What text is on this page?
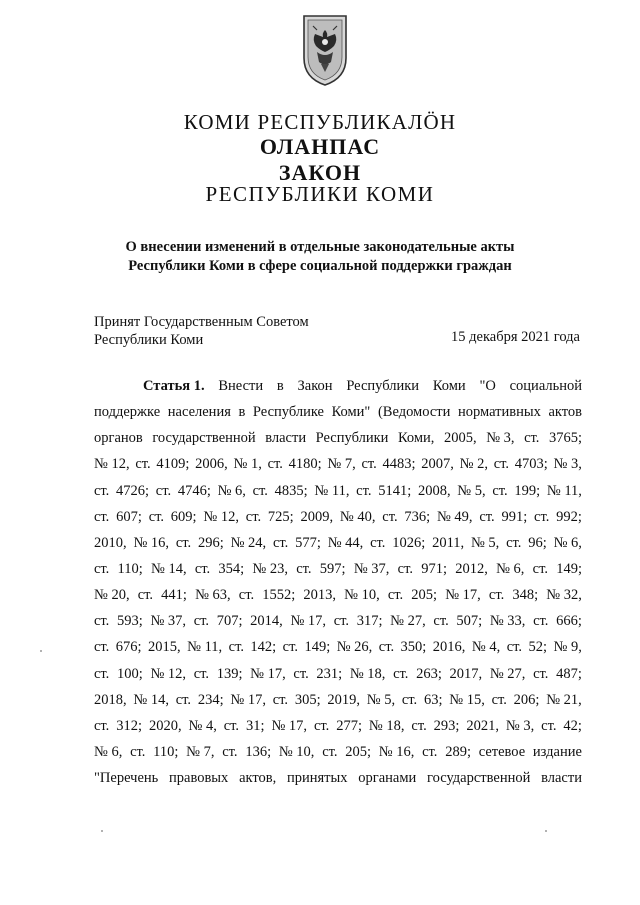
КОМИ РЕСПУБЛИКАЛÖН
ОЛАНПАС
ЗАКОН
РЕСПУБЛИКИ КОМИ
О внесении изменений в отдельные законодательные акты
Республики Коми в сфере социальной поддержки граждан
Принят Государственным Советом
Республики Коми	15 декабря 2021 года
Статья 1. Внести в Закон Республики Коми "О социальной
поддержке населения в Республике Коми" (Ведомости нормативных актов
органов государственной власти Республики Коми, 2005, № 3, ст. 3765;
№ 12, ст. 4109; 2006, № 1, ст. 4180; № 7, ст. 4483; 2007, № 2, ст. 4703; № 3,
ст. 4726; ст. 4746; № 6, ст. 4835; № 11, ст. 5141; 2008, № 5, ст. 199; № 11,
ст. 607; ст. 609; № 12, ст. 725; 2009, № 40, ст. 736; № 49, ст. 991; ст. 992;
2010, № 16, ст. 296; № 24, ст. 577; № 44, ст. 1026; 2011, № 5, ст. 96; № 6,
ст. 110; № 14, ст. 354; № 23, ст. 597; № 37, ст. 971; 2012, № 6, ст. 149;
№ 20, ст. 441; № 63, ст. 1552; 2013, № 10, ст. 205; № 17, ст. 348; № 32,
ст. 593; № 37, ст. 707; 2014, № 17, ст. 317; № 27, ст. 507; № 33, ст. 666;
ст. 676; 2015, № 11, ст. 142; ст. 149; № 26, ст. 350; 2016, № 4, ст. 52; № 9,
ст. 100; № 12, ст. 139; № 17, ст. 231; № 18, ст. 263; 2017, № 27, ст. 487;
2018, № 14, ст. 234; № 17, ст. 305; 2019, № 5, ст. 63; № 15, ст. 206; № 21,
ст. 312; 2020, № 4, ст. 31; № 17, ст. 277; № 18, ст. 293; 2021, № 3, ст. 42;
№ 6, ст. 110; № 7, ст. 136; № 10, ст. 205; № 16, ст. 289; сетевое издание
"Перечень правовых актов, принятых органами государственной власти
